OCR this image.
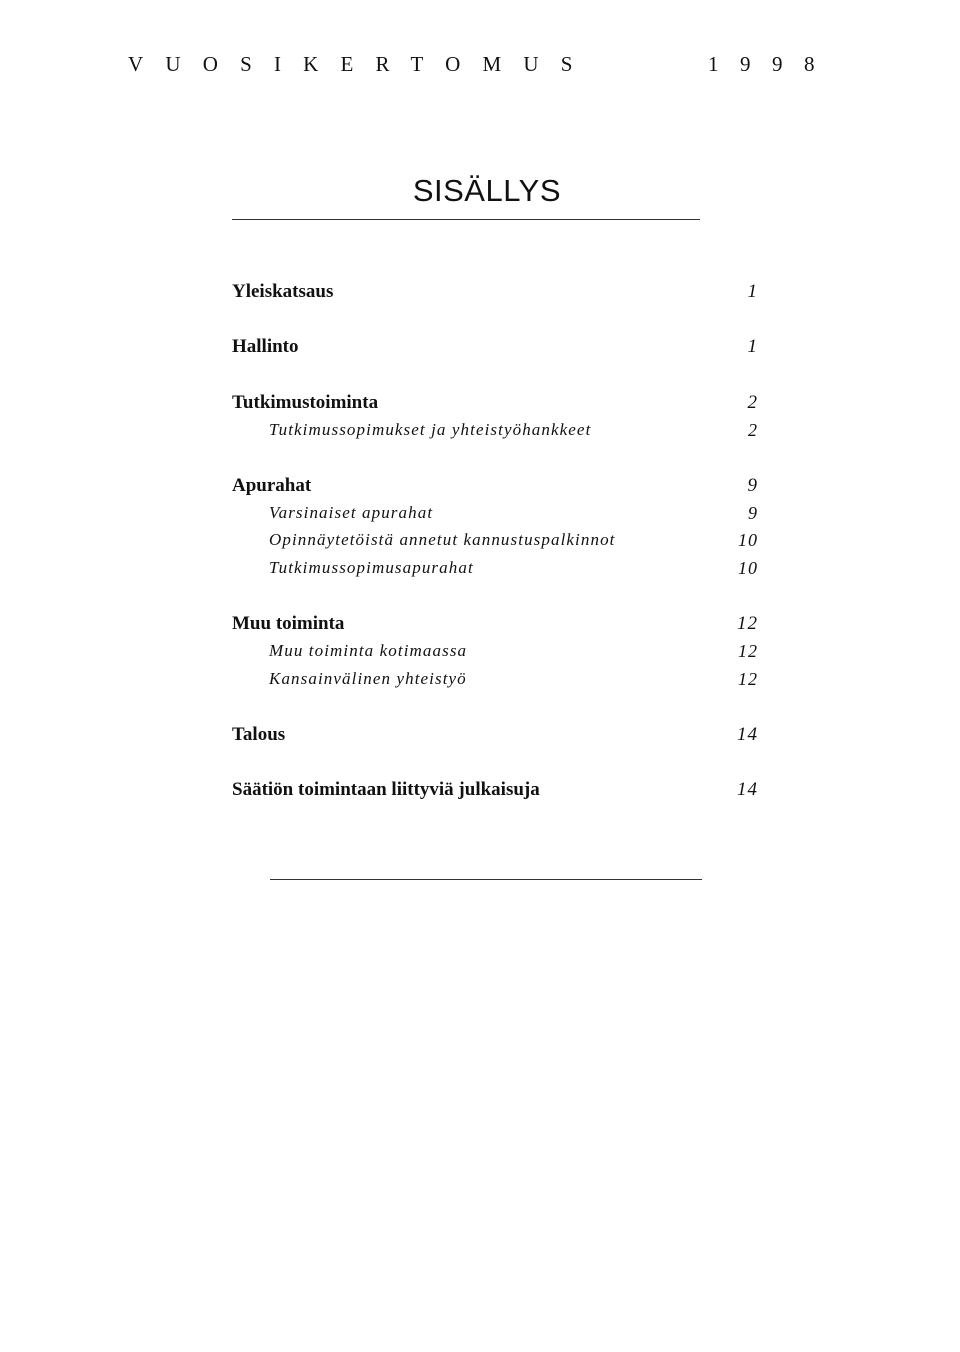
VUOSIKERTOMUS	1998
SISÄLLYS
Yleiskatsaus	1
Hallinto	1
Tutkimustoiminta	2
Tutkimussopimukset ja yhteistyöhankkeet	2
Apurahat	9
Varsinaiset apurahat	9
Opinnäytetöistä annetut kannustuspalkinnot	10
Tutkimussopimusapurahat	10
Muu toiminta	12
Muu toiminta kotimaassa	12
Kansainvälinen yhteistyö	12
Talous	14
Säätiön toimintaan liittyviä julkaisuja	14
